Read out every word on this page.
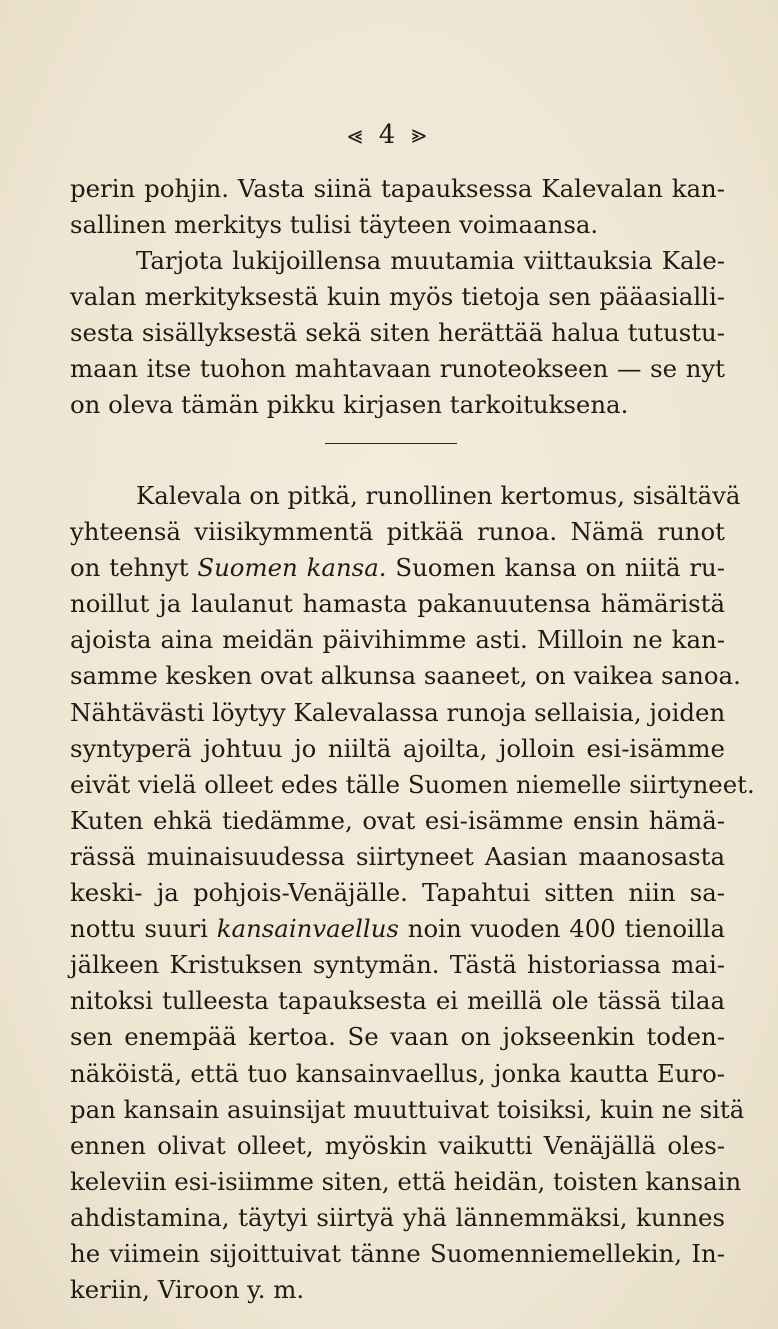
⪡ 4 ⪢
perin pohjin. Vasta siinä tapauksessa Kalevalan kan-
sallinen merkitys tulisi täyteen voimaansa.
Tarjota lukijoillensa muutamia viittauksia Kale-
valan merkityksestä kuin myös tietoja sen pääasialli-
sesta sisällyksestä sekä siten herättää halua tutustu-
maan itse tuohon mahtavaan runoteokseen — se nyt
on oleva tämän pikku kirjasen tarkoituksena.
Kalevala on pitkä, runollinen kertomus, sisältävä
yhteensä viisikymmentä pitkää runoa. Nämä runot
on tehnyt Suomen kansa. Suomen kansa on niitä ru-
noillut ja laulanut hamasta pakanuutensa hämäristä
ajoista aina meidän päivihimme asti. Milloin ne kan-
samme kesken ovat alkunsa saaneet, on vaikea sanoa.
Nähtävästi löytyy Kalevalassa runoja sellaisia, joiden
syntyperä johtuu jo niiltä ajoilta, jolloin esi-isämme
eivät vielä olleet edes tälle Suomen niemelle siirtyneet.
Kuten ehkä tiedämme, ovat esi-isämme ensin hämä-
rässä muinaisuudessa siirtyneet Aasian maanosasta
keski- ja pohjois-Venäjälle. Tapahtui sitten niin sa-
nottu suuri kansainvaellus noin vuoden 400 tienoilla
jälkeen Kristuksen syntymän. Tästä historiassa mai-
nitoksi tulleesta tapauksesta ei meillä ole tässä tilaa
sen enempää kertoa. Se vaan on jokseenkin toden-
näköistä, että tuo kansainvaellus, jonka kautta Euro-
pan kansain asuinsijat muuttuivat toisiksi, kuin ne sitä
ennen olivat olleet, myöskin vaikutti Venäjällä oles-
keleviin esi-isiimme siten, että heidän, toisten kansain
ahdistamina, täytyi siirtyä yhä lännemmäksi, kunnes
he viimein sijoittuivat tänne Suomenniemellekin, In-
keriin, Viroon y. m.
